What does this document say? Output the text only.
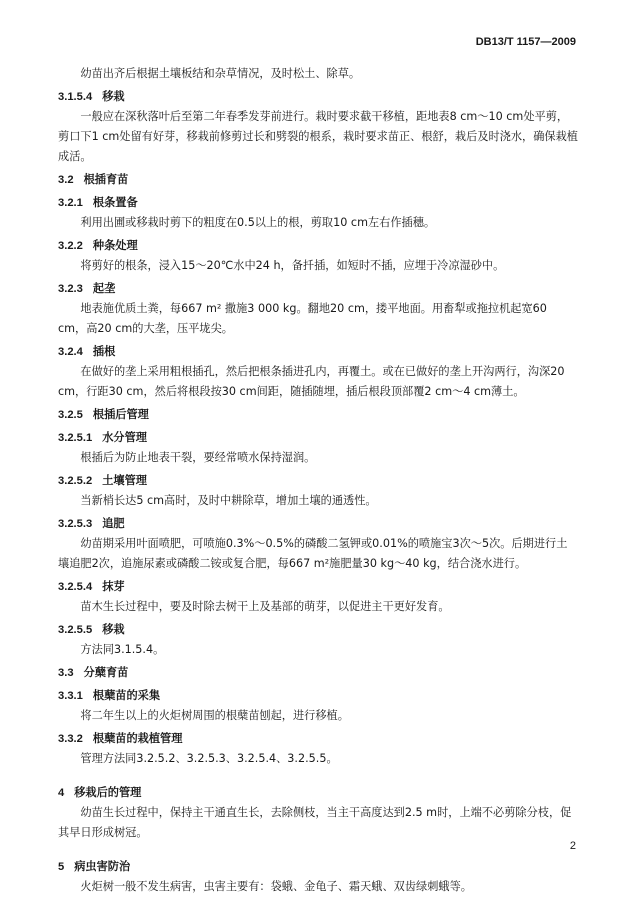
DB13/T 1157—2009

幼苗出齐后根据土壤板结和杂草情况，及时松土、除草。

3.1.5.4 移栽

一般应在深秋落叶后至第二年春季发芽前进行。栽时要求截干移植，距地表8 cm～10 cm处平剪，剪口下1 cm处留有好芽，移栽前修剪过长和劈裂的根系，栽时要求苗正、根舒，栽后及时浇水，确保栽植成活。

3.2 根插育苗
3.2.1 根条置备

利用出圃或移栽时剪下的粗度在0.5以上的根，剪取10 cm左右作插穗。

3.2.2 种条处理

将剪好的根条，浸入15～20℃水中24 h，备扦插，如短时不插，应埋于冷凉湿砂中。

3.2.3 起垄

地表施优质土粪，每667 m² 撒施3 000 kg。翻地20 cm，搂平地面。用畜犁或拖拉机起宽60 cm，高20 cm的大垄，压平垅尖。

3.2.4 插根

在做好的垄上采用粗根插孔，然后把根条插进孔内，再覆土。或在已做好的垄上开沟两行，沟深20 cm，行距30 cm，然后将根段按30 cm间距，随插随埋，插后根段顶部覆2 cm～4 cm薄土。

3.2.5 根插后管理
3.2.5.1 水分管理

根插后为防止地表干裂，要经常喷水保持湿润。

3.2.5.2 土壤管理

当新梢长达5 cm高时，及时中耕除草，增加土壤的通透性。

3.2.5.3 追肥

幼苗期采用叶面喷肥，可喷施0.3%～0.5%的磷酸二氢钾或0.01%的喷施宝3次～5次。后期进行土壤追肥2次，追施尿素或磷酸二铵或复合肥，每667 m²施肥量30 kg～40 kg，结合浇水进行。

3.2.5.4 抹芽

苗木生长过程中，要及时除去树干上及基部的萌芽，以促进主干更好发育。

3.2.5.5 移栽

方法同3.1.5.4。

3.3 分蘖育苗
3.3.1 根蘖苗的采集

将二年生以上的火炬树周围的根蘖苗刨起，进行移植。

3.3.2 根蘖苗的栽植管理

管理方法同3.2.5.2、3.2.5.3、3.2.5.4、3.2.5.5。

4 移栽后的管理

幼苗生长过程中，保持主干通直生长，去除侧枝，当主干高度达到2.5 m时，上端不必剪除分枝，促其早日形成树冠。

5 病虫害防治

火炬树一般不发生病害，虫害主要有：袋蛾、金龟子、霜天蛾、双齿绿刺蛾等。

2
